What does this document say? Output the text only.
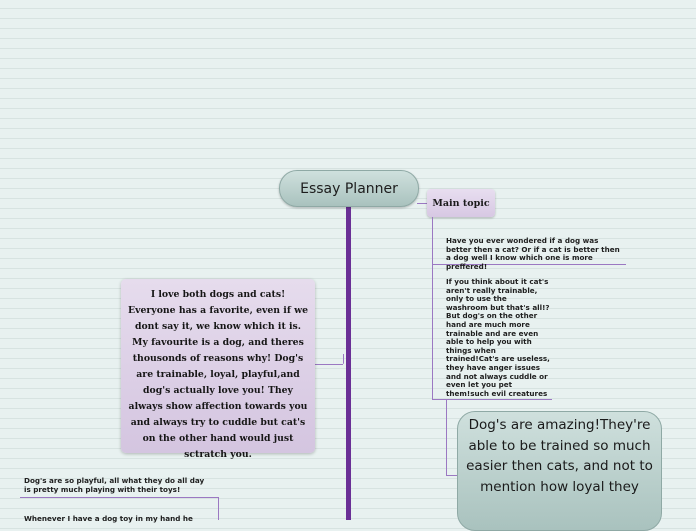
Essay Planner
Main topic
Have you ever wondered if a dog was better then a cat? Or if a cat is better then a dog well I know which one is more preffered!
If you think about it cat's aren't really trainable, only to use the washroom but that's all!?But dog's on the other hand are much more trainable and are even able to help you with things when trained!Cat's are useless, they have anger issues and not always cuddle or even let you pet them!such evil creatures
Dog's are amazing!They're able to be trained so much easier then cats, and not to mention how loyal they
I love both dogs and cats! Everyone has a favorite, even if we dont say it, we know which it is. My favourite is a dog, and theres thousonds of reasons why! Dog's are trainable, loyal, playful,and dog's actually love you! They always show affection towards you and always try to cuddle but cat's on the other hand would just sctratch you.
Dog's are so playful, all what they do all day is pretty much playing with their toys!
Whenever I have a dog toy in my hand he
